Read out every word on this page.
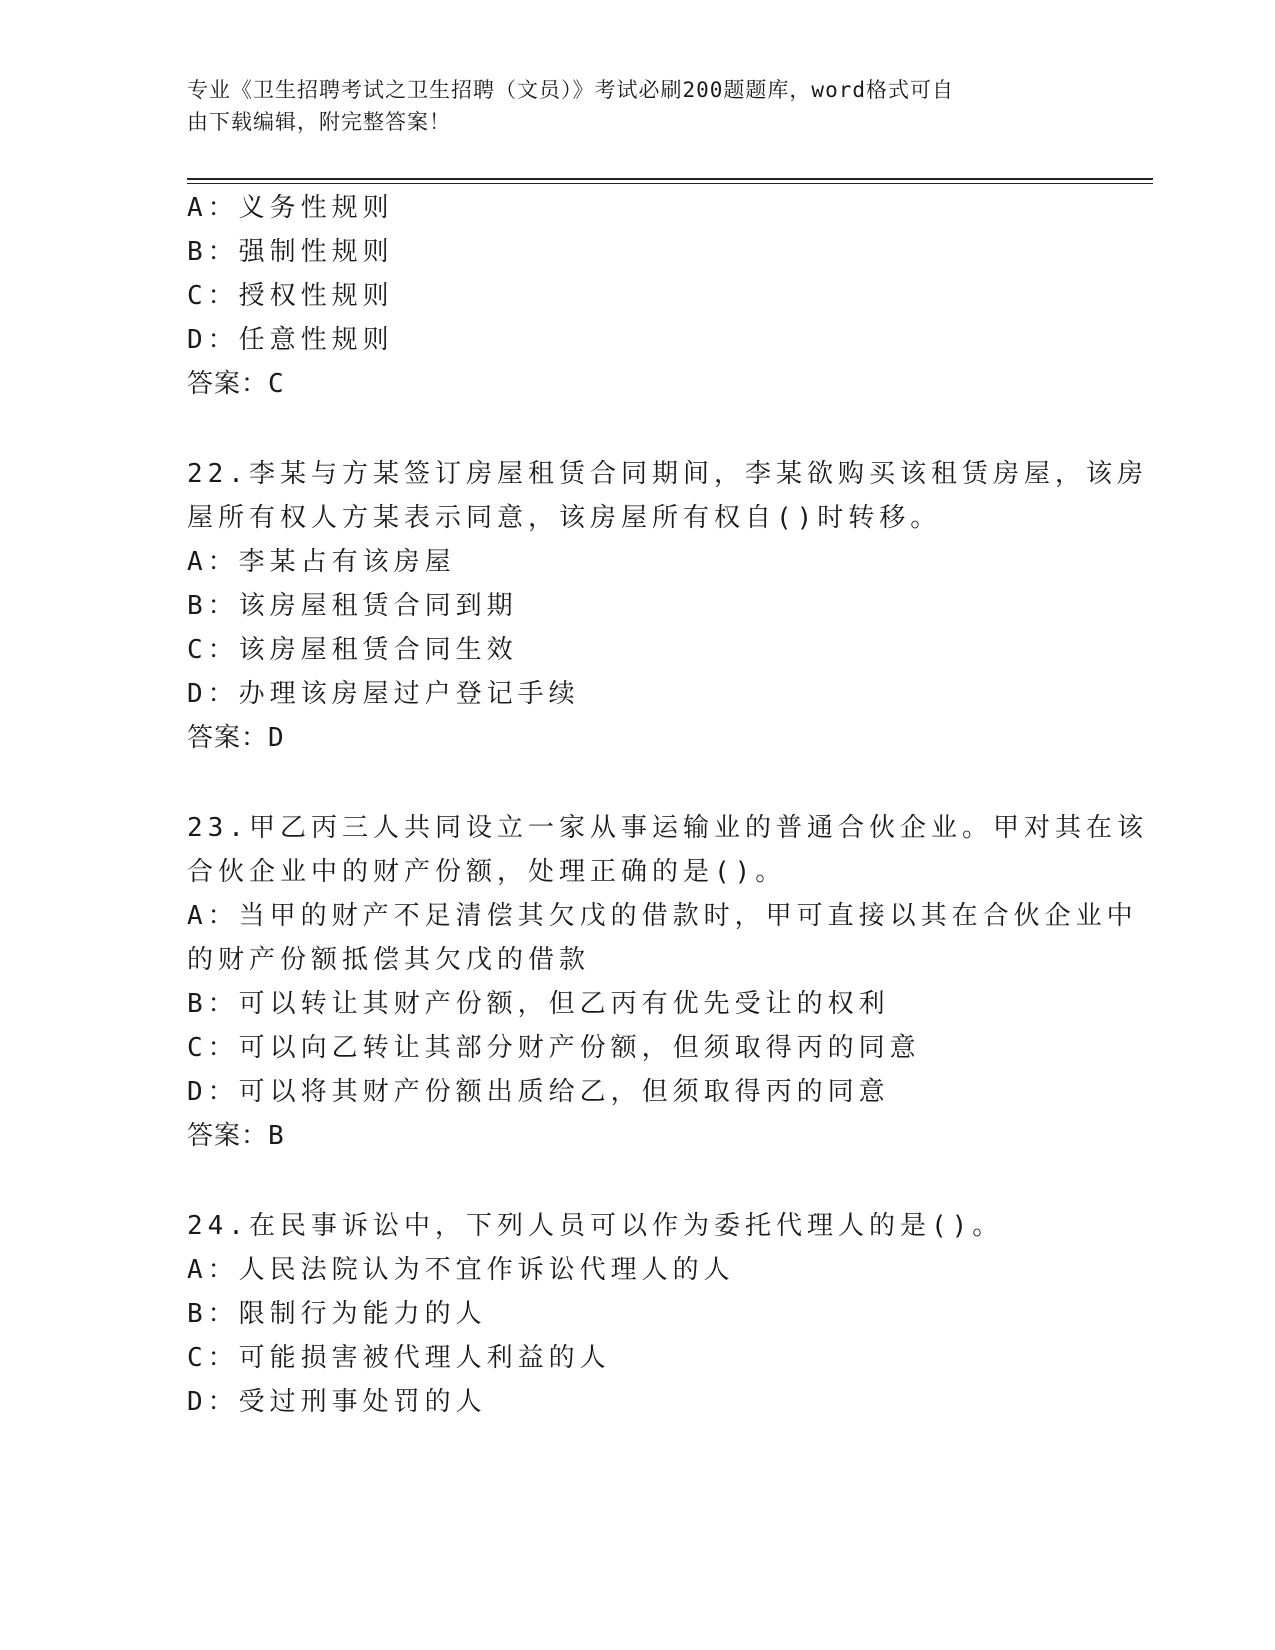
专业《卫生招聘考试之卫生招聘（文员）》考试必刷200题题库，word格式可自
由下载编辑，附完整答案！
A：义务性规则
B：强制性规则
C：授权性规则
D：任意性规则
答案：C
22.李某与方某签订房屋租赁合同期间，李某欲购买该租赁房屋，该房
屋所有权人方某表示同意，该房屋所有权自()时转移。
A：李某占有该房屋
B：该房屋租赁合同到期
C：该房屋租赁合同生效
D：办理该房屋过户登记手续
答案：D
23.甲乙丙三人共同设立一家从事运输业的普通合伙企业。甲对其在该
合伙企业中的财产份额，处理正确的是()。
A：当甲的财产不足清偿其欠戊的借款时，甲可直接以其在合伙企业中
的财产份额抵偿其欠戊的借款
B：可以转让其财产份额，但乙丙有优先受让的权利
C：可以向乙转让其部分财产份额，但须取得丙的同意
D：可以将其财产份额出质给乙，但须取得丙的同意
答案：B
24.在民事诉讼中，下列人员可以作为委托代理人的是()。
A：人民法院认为不宜作诉讼代理人的人
B：限制行为能力的人
C：可能损害被代理人利益的人
D：受过刑事处罚的人
